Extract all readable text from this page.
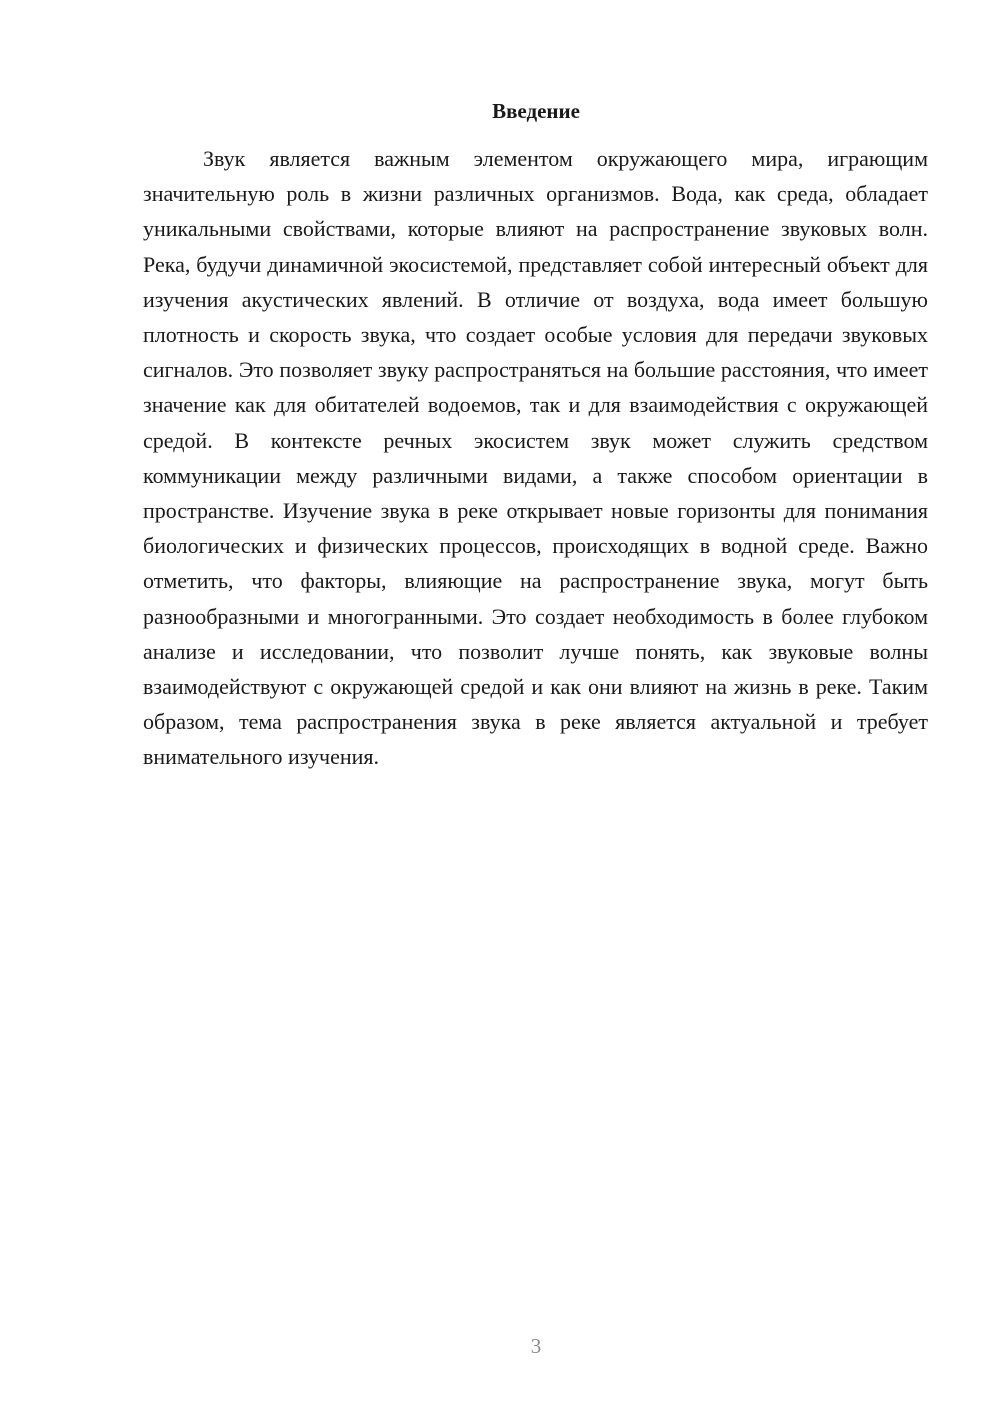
Введение

Звук является важным элементом окружающего мира, играющим значительную роль в жизни различных организмов. Вода, как среда, обладает уникальными свойствами, которые влияют на распространение звуковых волн. Река, будучи динамичной экосистемой, представляет собой интересный объект для изучения акустических явлений. В отличие от воздуха, вода имеет большую плотность и скорость звука, что создает особые условия для передачи звуковых сигналов. Это позволяет звуку распространяться на большие расстояния, что имеет значение как для обитателей водоемов, так и для взаимодействия с окружающей средой. В контексте речных экосистем звук может служить средством коммуникации между различными видами, а также способом ориентации в пространстве. Изучение звука в реке открывает новые горизонты для понимания биологических и физических процессов, происходящих в водной среде. Важно отметить, что факторы, влияющие на распространение звука, могут быть разнообразными и многогранными. Это создает необходимость в более глубоком анализе и исследовании, что позволит лучше понять, как звуковые волны взаимодействуют с окружающей средой и как они влияют на жизнь в реке. Таким образом, тема распространения звука в реке является актуальной и требует внимательного изучения.

3
